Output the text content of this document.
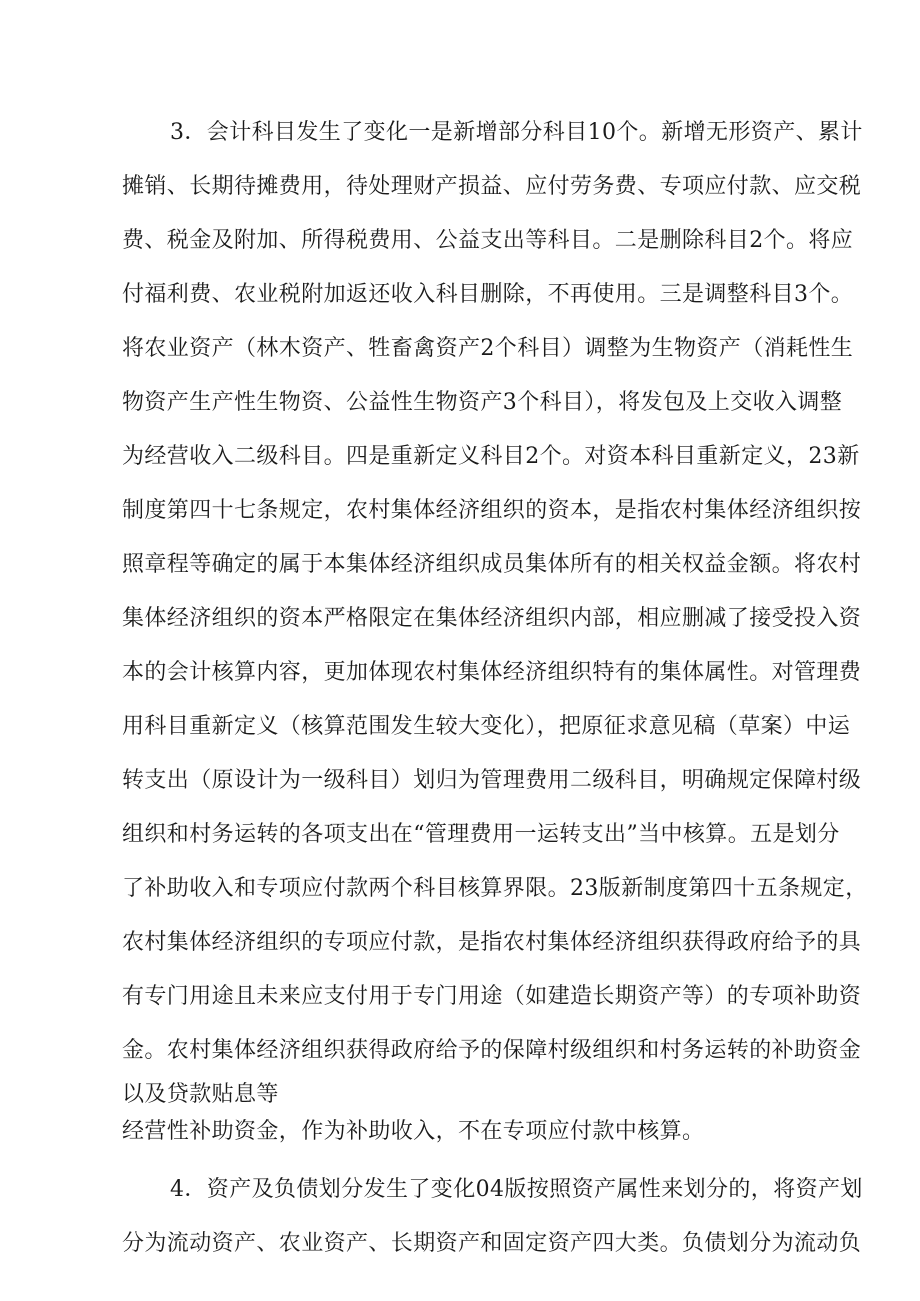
3．会计科目发生了变化一是新增部分科目10个。新增无形资产、累计
摊销、长期待摊费用，待处理财产损益、应付劳务费、专项应付款、应交税
费、税金及附加、所得税费用、公益支出等科目。二是删除科目2个。将应
付福利费、农业税附加返还收入科目删除，不再使用。三是调整科目3个。
将农业资产（林木资产、牲畜禽资产2个科目）调整为生物资产（消耗性生
物资产生产性生物资、公益性生物资产3个科目），将发包及上交收入调整
为经营收入二级科目。四是重新定义科目2个。对资本科目重新定义，23新
制度第四十七条规定，农村集体经济组织的资本，是指农村集体经济组织按
照章程等确定的属于本集体经济组织成员集体所有的相关权益金额。将农村
集体经济组织的资本严格限定在集体经济组织内部，相应删减了接受投入资
本的会计核算内容，更加体现农村集体经济组织特有的集体属性。对管理费
用科目重新定义（核算范围发生较大变化），把原征求意见稿（草案）中运
转支出（原设计为一级科目）划归为管理费用二级科目，明确规定保障村级
组织和村务运转的各项支出在“管理费用一运转支出”当中核算。五是划分
了补助收入和专项应付款两个科目核算界限。23版新制度第四十五条规定，
农村集体经济组织的专项应付款，是指农村集体经济组织获得政府给予的具
有专门用途且未来应支付用于专门用途（如建造长期资产等）的专项补助资
金。农村集体经济组织获得政府给予的保障村级组织和村务运转的补助资金
以及贷款贴息等
经营性补助资金，作为补助收入，不在专项应付款中核算。
4．资产及负债划分发生了变化04版按照资产属性来划分的，将资产划
分为流动资产、农业资产、长期资产和固定资产四大类。负债划分为流动负
